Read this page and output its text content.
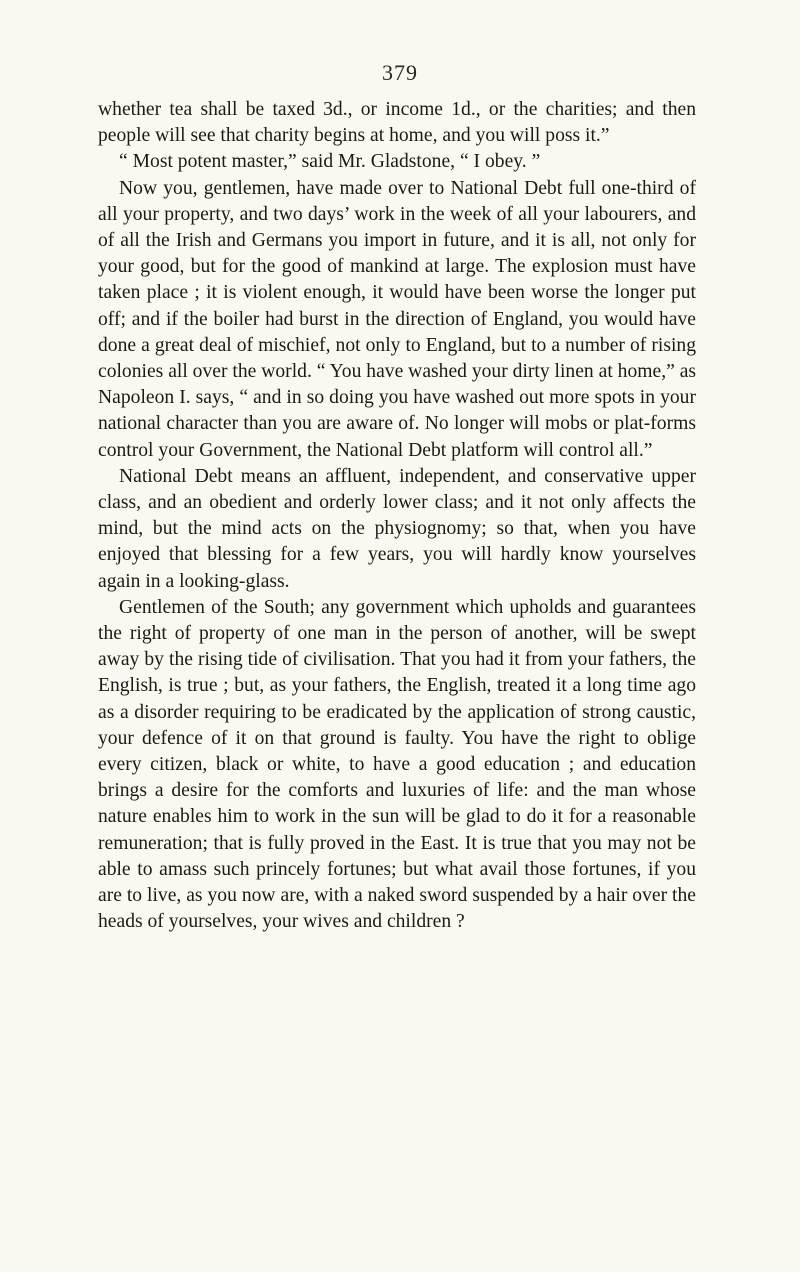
379

whether tea shall be taxed 3d., or income 1d., or the charities; and then people will see that charity begins at home, and you will poss it.”

“ Most potent master,” said Mr. Gladstone, “ I obey. ”

Now you, gentlemen, have made over to National Debt full one-third of all your property, and two days’ work in the week of all your labourers, and of all the Irish and Germans you import in future, and it is all, not only for your good, but for the good of mankind at large. The explosion must have taken place ; it is violent enough, it would have been worse the longer put off; and if the boiler had burst in the direction of England, you would have done a great deal of mischief, not only to England, but to a number of rising colonies all over the world. “ You have washed your dirty linen at home,” as Napoleon I. says, “ and in so doing you have washed out more spots in your national character than you are aware of. No longer will mobs or plat-forms control your Government, the National Debt platform will control all.”

National Debt means an affluent, independent, and conservative upper class, and an obedient and orderly lower class; and it not only affects the mind, but the mind acts on the physiognomy; so that, when you have enjoyed that blessing for a few years, you will hardly know yourselves again in a looking-glass.

Gentlemen of the South; any government which upholds and guarantees the right of property of one man in the person of another, will be swept away by the rising tide of civilisation. That you had it from your fathers, the English, is true ; but, as your fathers, the English, treated it a long time ago as a disorder requiring to be eradicated by the application of strong caustic, your defence of it on that ground is faulty. You have the right to oblige every citizen, black or white, to have a good education ; and education brings a desire for the comforts and luxuries of life: and the man whose nature enables him to work in the sun will be glad to do it for a reasonable remuneration; that is fully proved in the East. It is true that you may not be able to amass such princely fortunes; but what avail those fortunes, if you are to live, as you now are, with a naked sword suspended by a hair over the heads of yourselves, your wives and children ?
